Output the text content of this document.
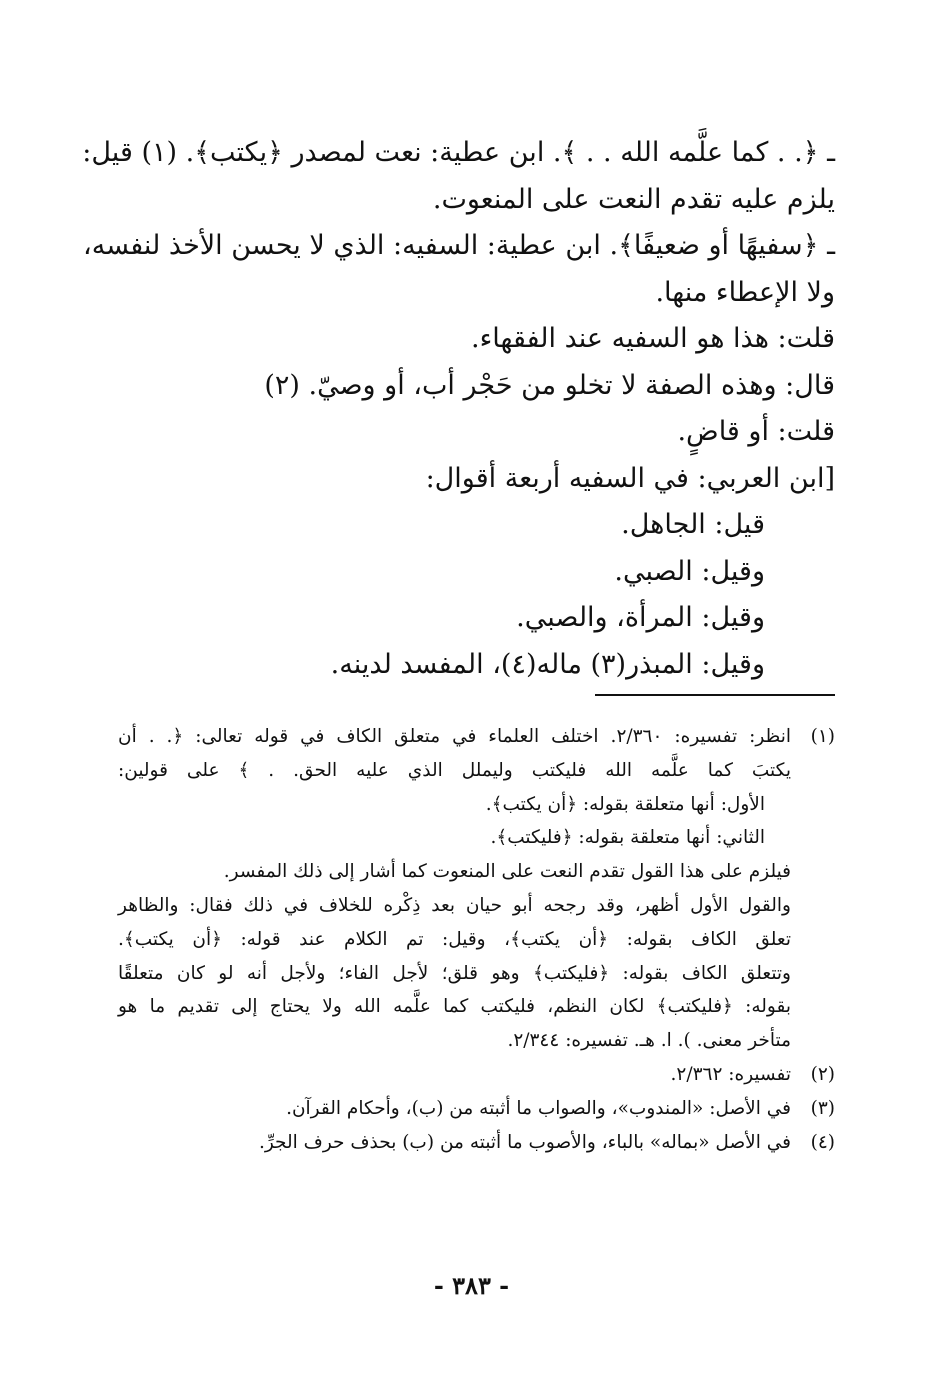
ـ ﴿. . كما علَّمه الله . . ﴾. ابن عطية: نعت لمصدر ﴿يكتب﴾. (١) قيل:
يلزم عليه تقدم النعت على المنعوت.
ـ ﴿سفيهًا أو ضعيفًا﴾. ابن عطية: السفيه: الذي لا يحسن الأخذ لنفسه،
ولا الإعطاء منها.
قلت: هذا هو السفيه عند الفقهاء.
قال: وهذه الصفة لا تخلو من حَجْر أب، أو وصيّ. (٢)
قلت: أو قاضٍ.
[ابن العربي: في السفيه أربعة أقوال:
قيل: الجاهل.
وقيل: الصبي.
وقيل: المرأة، والصبي.
وقيل: المبذر(٣) ماله(٤)، المفسد لدينه.
(١)
انظر: تفسيره: ٢/٣٦٠. اختلف العلماء في متعلق الكاف في قوله تعالى: ﴿. . أن
يكتبَ كما علَّمه الله فليكتب وليملل الذي عليه الحق. . ﴾ على قولين:
الأول: أنها متعلقة بقوله: ﴿أن يكتب﴾.
الثاني: أنها متعلقة بقوله: ﴿فليكتب﴾.
فيلزم على هذا القول تقدم النعت على المنعوت كما أشار إلى ذلك المفسر.
والقول الأول أظهر، وقد رجحه أبو حيان بعد ذِكْره للخلاف في ذلك فقال: والظاهر
تعلق الكاف بقوله: ﴿أن يكتب﴾، وقيل: تم الكلام عند قوله: ﴿أن يكتب﴾.
وتتعلق الكاف بقوله: ﴿فليكتب﴾ وهو قلق؛ لأجل الفاء؛ ولأجل أنه لو كان متعلقًا
بقوله: ﴿فليكتب﴾ لكان النظم، فليكتب كما علَّمه الله ولا يحتاج إلى تقديم ما هو
متأخر معنى. ). ا. هـ. تفسيره: ٢/٣٤٤.
(٢)
تفسيره: ٢/٣٦٢.
(٣)
في الأصل: «المندوب»، والصواب ما أثبته من (ب)، وأحكام القرآن.
(٤)
في الأصل «بماله» بالباء، والأصوب ما أثبته من (ب) بحذف حرف الجرِّ.
- ٣٨٣ -
